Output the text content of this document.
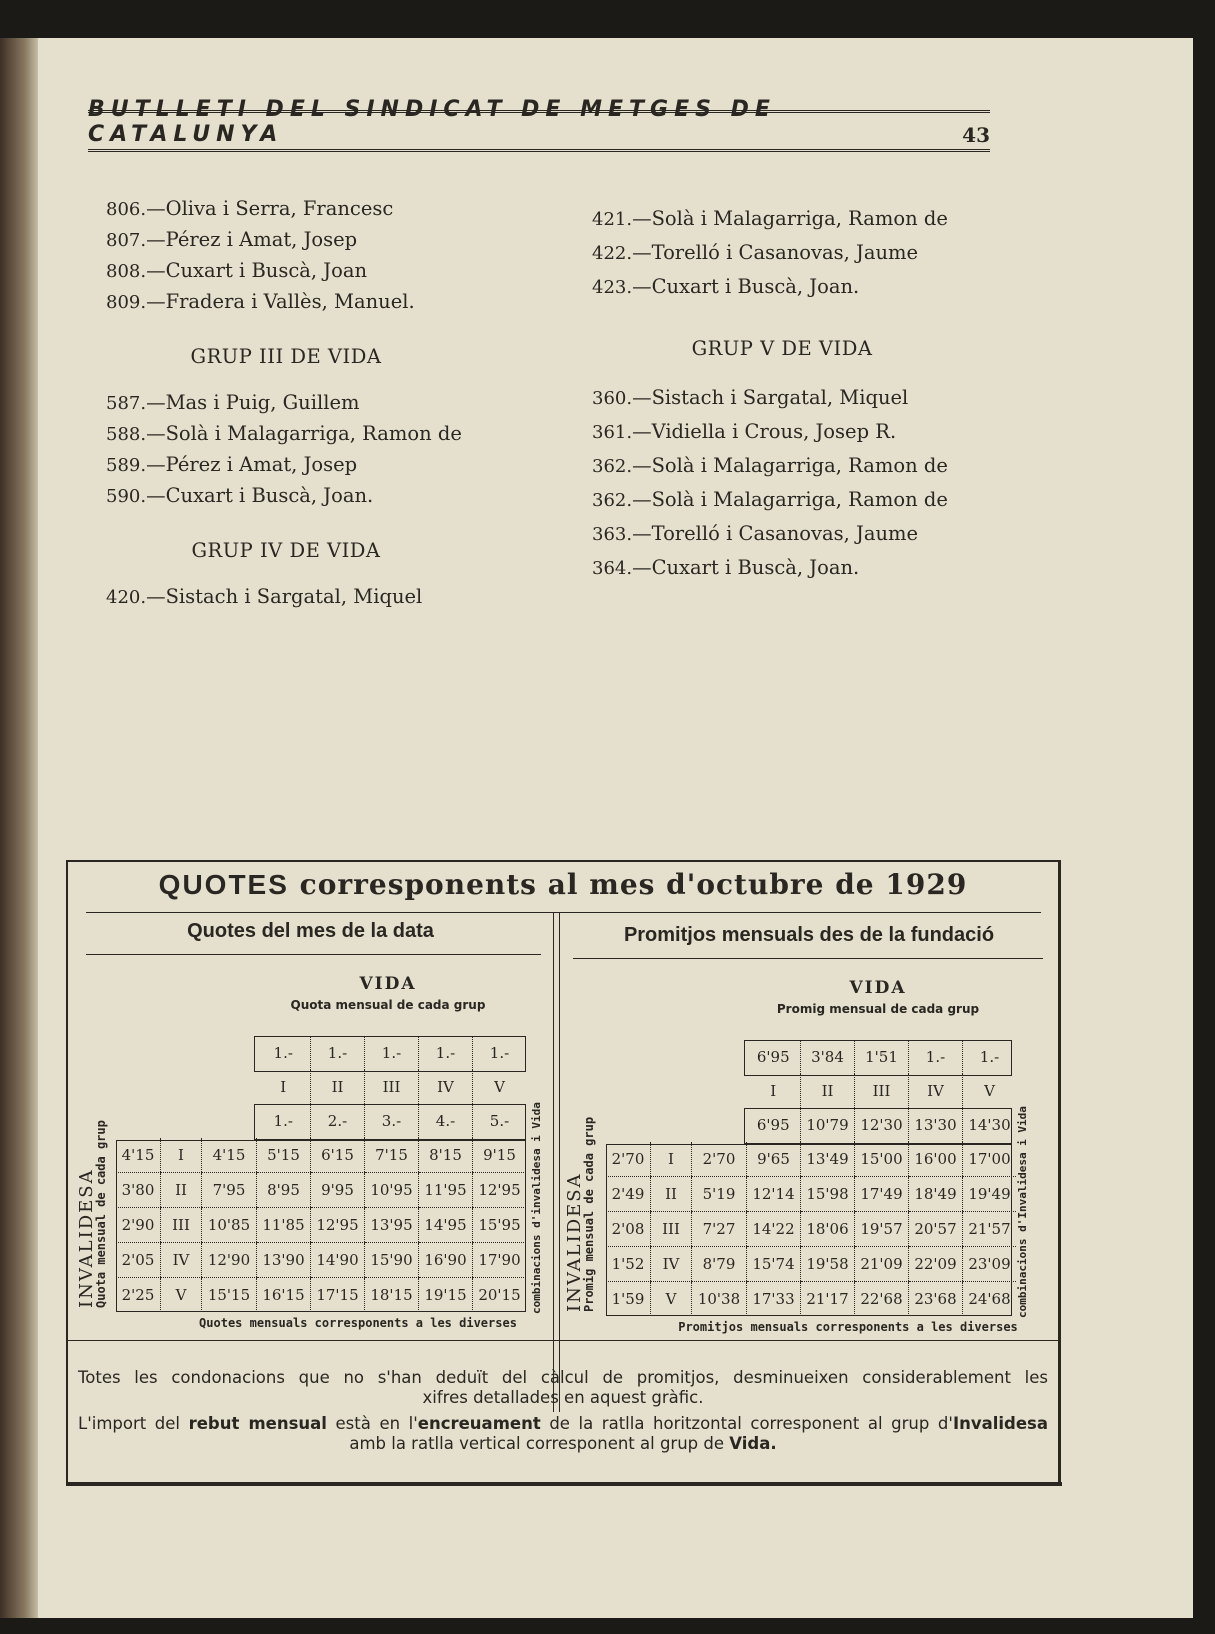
BUTLLETI DEL SINDICAT DE METGES DE CATALUNYA	43
806.—Oliva i Serra, Francesc
807.—Pérez i Amat, Josep
808.—Cuxart i Buscà, Joan
809.—Fradera i Vallès, Manuel.
GRUP III DE VIDA
587.—Mas i Puig, Guillem
588.—Solà i Malagarriga, Ramon de
589.—Pérez i Amat, Josep
590.—Cuxart i Buscà, Joan.
GRUP IV DE VIDA
420.—Sistach i Sargatal, Miquel
421.—Solà i Malagarriga, Ramon de
422.—Torelló i Casanovas, Jaume
423.—Cuxart i Buscà, Joan.
GRUP V DE VIDA
360.—Sistach i Sargatal, Miquel
361.—Vidiella i Crous, Josep R.
362.—Solà i Malagarriga, Ramon de
362.—Solà i Malagarriga, Ramon de
363.—Torelló i Casanovas, Jaume
364.—Cuxart i Buscà, Joan.
QUOTES corresponents al mes d'octubre de 1929
Quotes del mes de la data	Promitjos mensuals des de la fundació
VIDA
Quota mensual de cada grup
VIDA
Promig mensual de cada grup
			1.-	1.-	1.-	1.-	1.-
			I	II	III	IV	V
			1.-	2.-	3.-	4.-	5.-
4'15	I	4'15	5'15	6'15	7'15	8'15	9'15
3'80	II	7'95	8'95	9'95	10'95	11'95	12'95
2'90	III	10'85	11'85	12'95	13'95	14'95	15'95
2'05	IV	12'90	13'90	14'90	15'90	16'90	17'90
2'25	V	15'15	16'15	17'15	18'15	19'15	20'15
			6'95	3'84	1'51	1.-	1.-
			I	II	III	IV	V
			6'95	10'79	12'30	13'30	14'30
2'70	I	2'70	9'65	13'49	15'00	16'00	17'00
2'49	II	5'19	12'14	15'98	17'49	18'49	19'49
2'08	III	7'27	14'22	18'06	19'57	20'57	21'57
1'52	IV	8'79	15'74	19'58	21'09	22'09	23'09
1'59	V	10'38	17'33	21'17	22'68	23'68	24'68
INVALIDESA
Quota mensual de cada grup	combinacions d'invalidesa i Vida
Quotes mensuals corresponents a les diverses
INVALIDESA
Promig mensual de cada grup	combinacions d'Invalidesa i Vida
Promitjos mensuals corresponents a les diverses
Totes les condonacions que no s'han deduït del càlcul de promitjos, desminueixen considerablement les
xifres detallades en aquest gràfic.
L'import del rebut mensual està en l'encreuament de la ratlla horitzontal corresponent al grup d'Invalidesa
amb la ratlla vertical corresponent al grup de Vida.
